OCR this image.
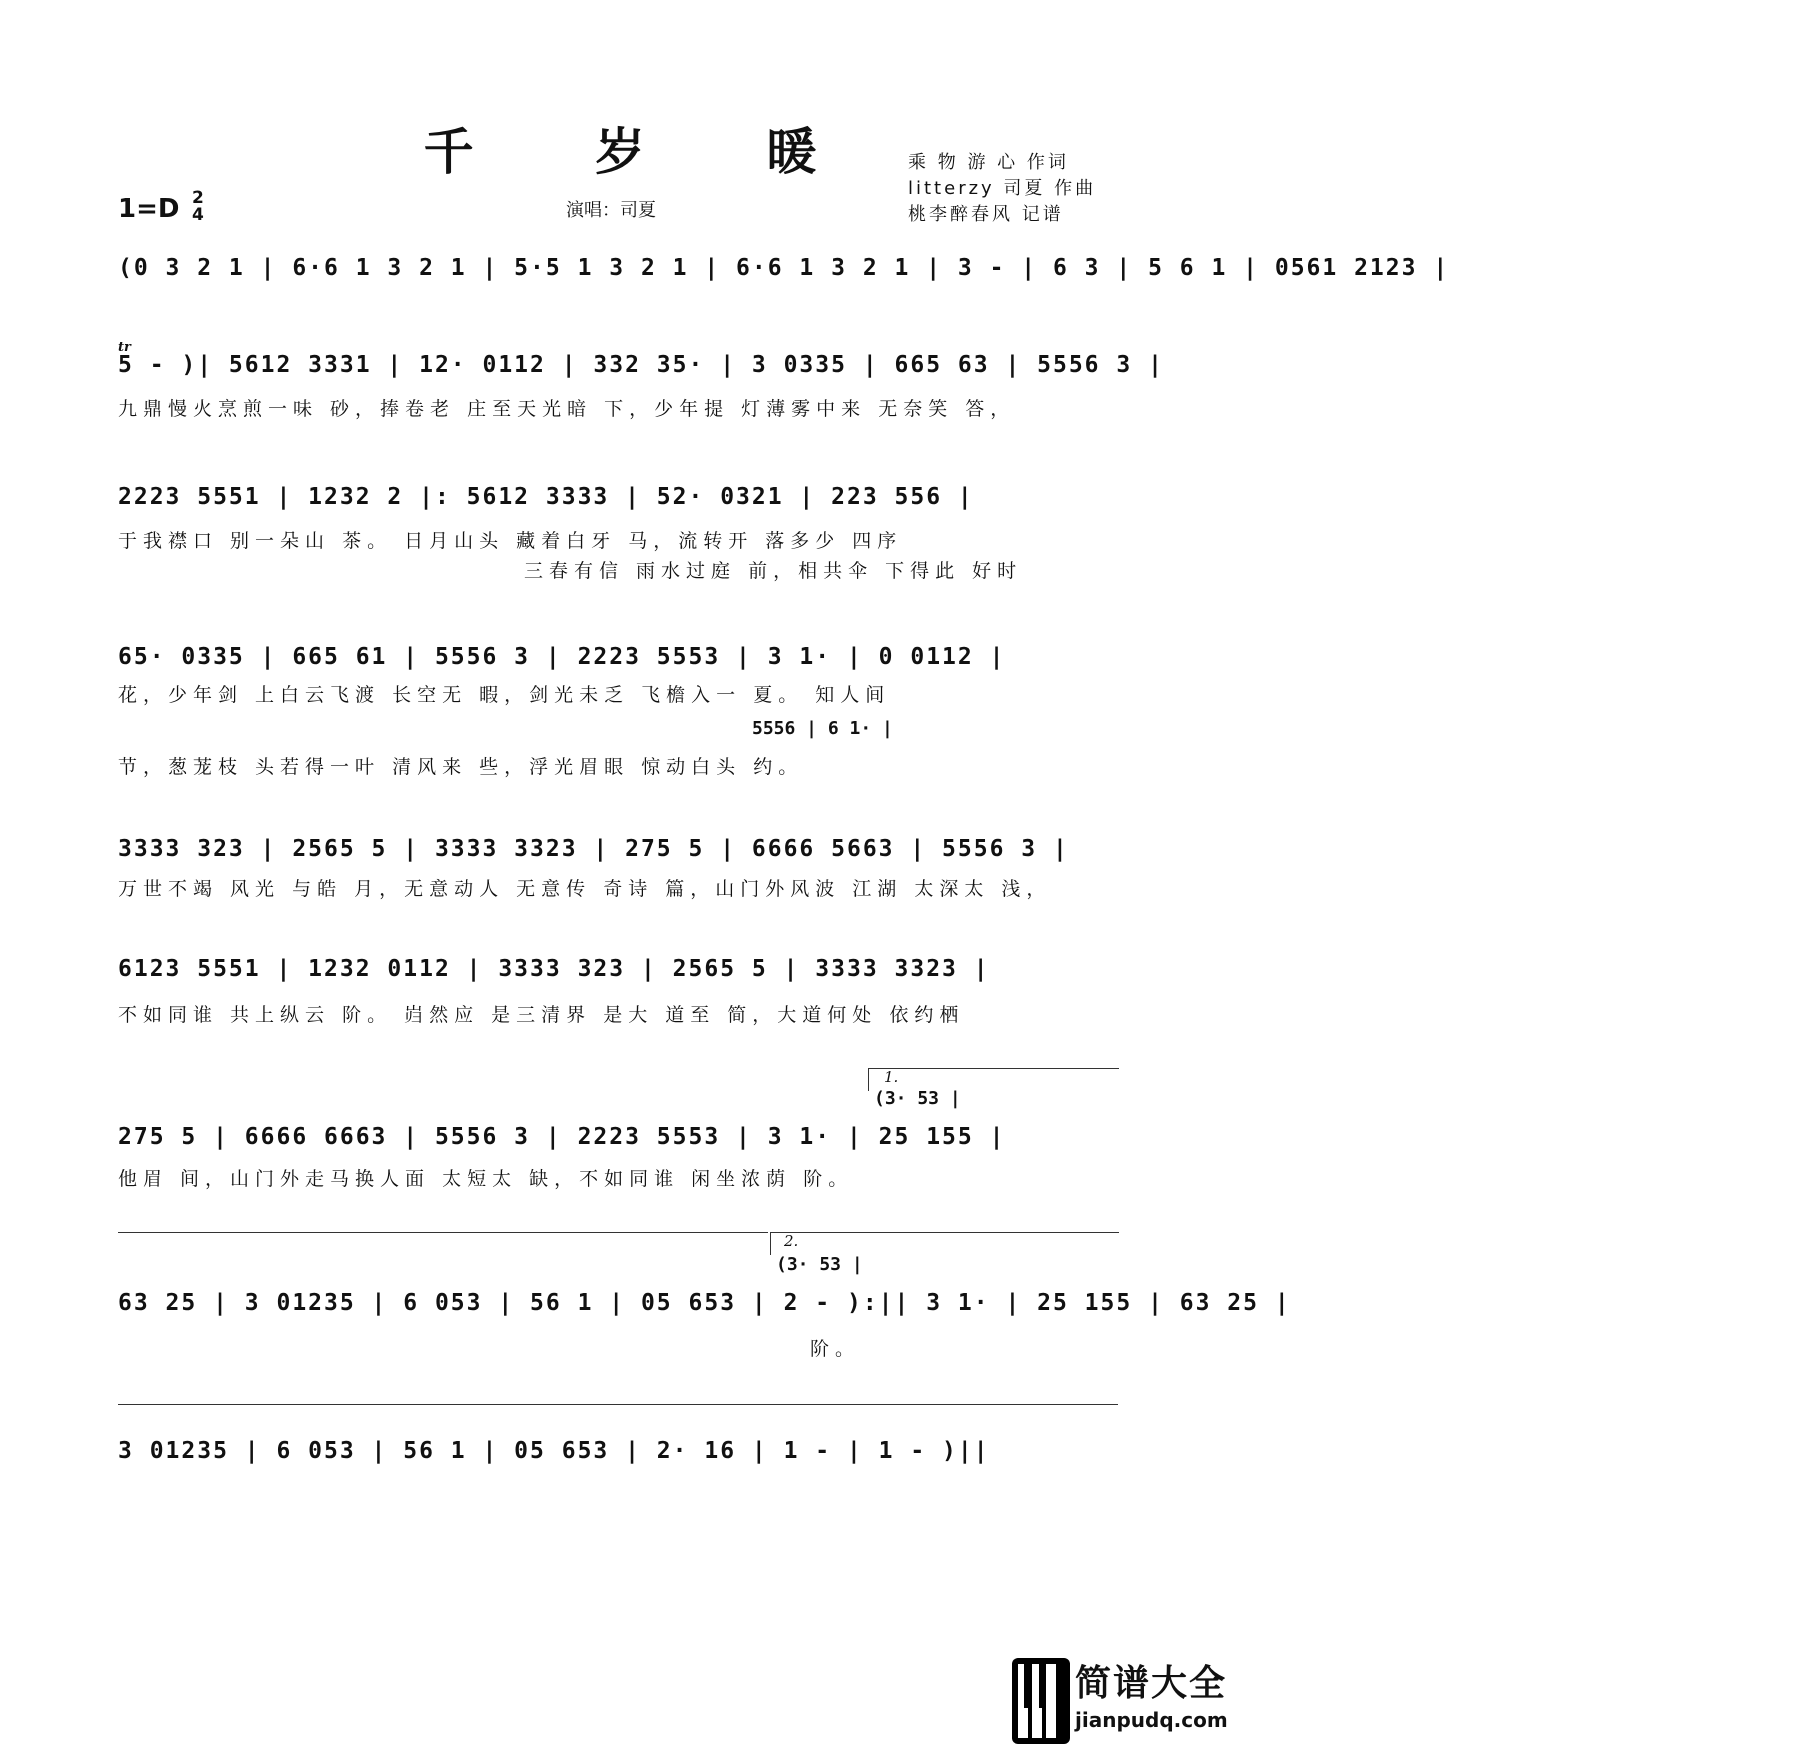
千 岁 暖
1=D 2
4	演唱：司夏
乘 物 游 心 作词
litterzy 司夏 作曲
桃李醉春风 记谱
(0 3 2 1 | 6·6 1 3 2 1 | 5·5 1 3 2 1 | 6·6 1 3 2 1 | 3 - | 6 3 | 5 6 1 | 0561 2123 |
tr
5 - )| 5612 3331 | 12· 0112 | 332 35· | 3 0335 | 665 63 | 5556 3 |
九鼎慢火烹煎一味 砂，捧卷老 庄至天光暗 下，少年提 灯薄雾中来 无奈笑 答，
2223 5551 | 1232 2 |: 5612 3333 | 52· 0321 | 223 556 |
于我襟口 别一朵山 茶。 日月山头 藏着白牙 马，流转开 落多少 四序
三春有信 雨水过庭 前，相共伞 下得此 好时
65· 0335 | 665 61 | 5556 3 | 2223 5553 | 3 1· | 0 0112 |
花，少年剑 上白云飞渡 长空无 暇，剑光未乏 飞檐入一 夏。 知人间
5556 | 6 1· |
节，葱茏枝 头若得一叶 清风来 些，浮光眉眼 惊动白头 约。
3333 323 | 2565 5 | 3333 3323 | 275 5 | 6666 5663 | 5556 3 |
万世不竭 风光 与皓 月，无意动人 无意传 奇诗 篇，山门外风波 江湖 太深太 浅，
6123 5551 | 1232 0112 | 3333 323 | 2565 5 | 3333 3323 |
不如同谁 共上纵云 阶。 岿然应 是三清界 是大 道至 简，大道何处 依约栖
1.
(3· 53 |
275 5 | 6666 6663 | 5556 3 | 2223 5553 | 3 1· | 25 155 |
他眉 间，山门外走马换人面 太短太 缺，不如同谁 闲坐浓荫 阶。
2.
(3· 53 |
63 25 | 3 01235 | 6 053 | 56 1 | 05 653 | 2 - ):|| 3 1· | 25 155 | 63 25 |
阶。
3 01235 | 6 053 | 56 1 | 05 653 | 2· 16 | 1 - | 1 - )||
简谱大全
jianpudq.com
